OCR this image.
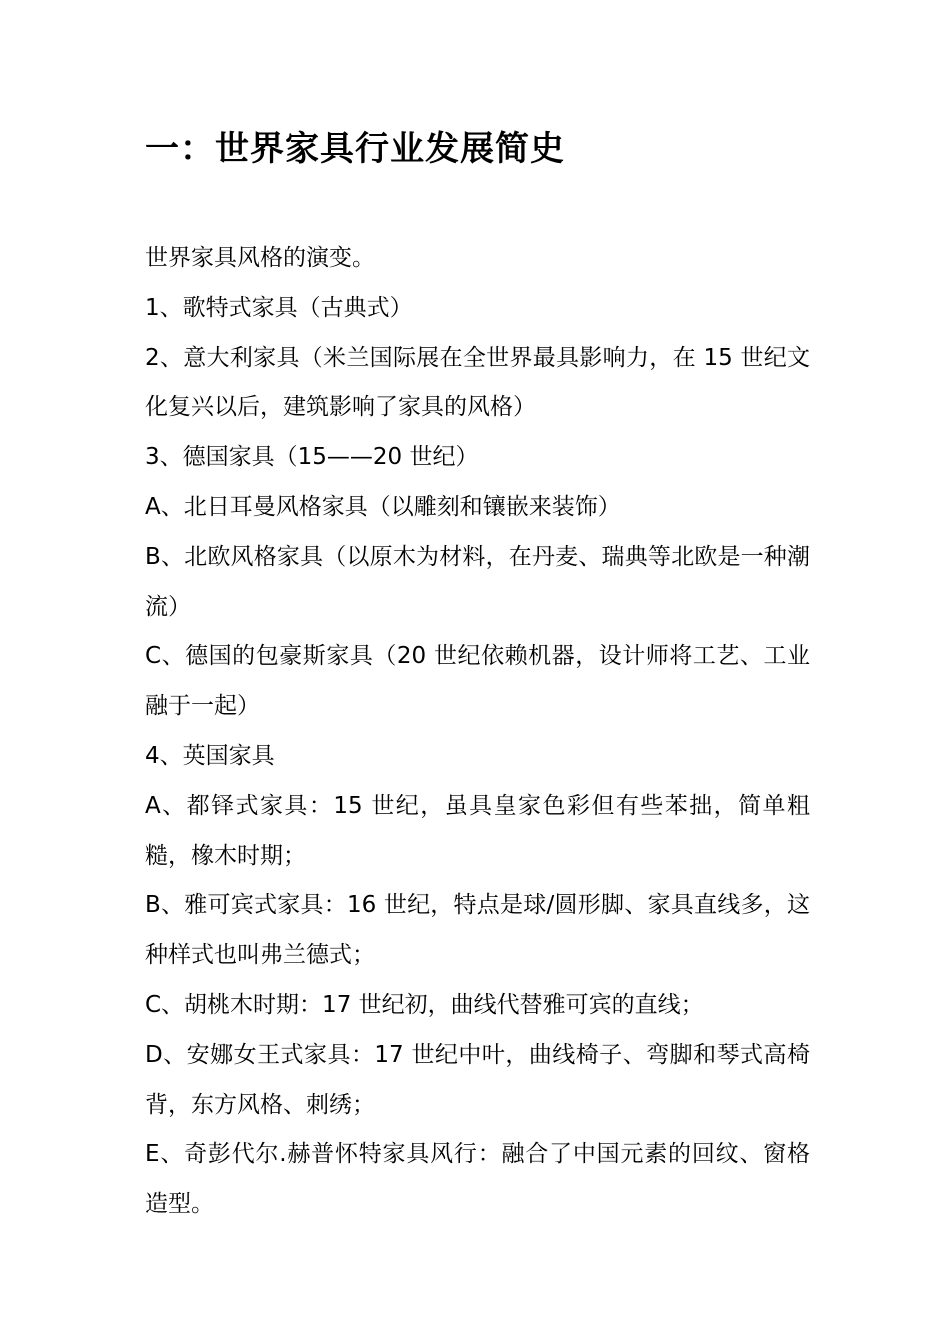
一：世界家具行业发展简史

世界家具风格的演变。

1、歌特式家具（古典式）

2、意大利家具（米兰国际展在全世界最具影响力，在 15 世纪文化复兴以后，建筑影响了家具的风格）

3、德国家具（15——20 世纪）

A、北日耳曼风格家具（以雕刻和镶嵌来装饰）

B、北欧风格家具（以原木为材料，在丹麦、瑞典等北欧是一种潮流）

C、德国的包豪斯家具（20 世纪依赖机器，设计师将工艺、工业融于一起）

4、英国家具

A、都铎式家具：15 世纪，虽具皇家色彩但有些苯拙，简单粗糙，橡木时期；

B、雅可宾式家具：16 世纪，特点是球/圆形脚、家具直线多，这种样式也叫弗兰德式；

C、胡桃木时期：17 世纪初，曲线代替雅可宾的直线；

D、安娜女王式家具：17 世纪中叶，曲线椅子、弯脚和琴式高椅背，东方风格、刺绣；

E、奇彭代尔.赫普怀特家具风行：融合了中国元素的回纹、窗格造型。
